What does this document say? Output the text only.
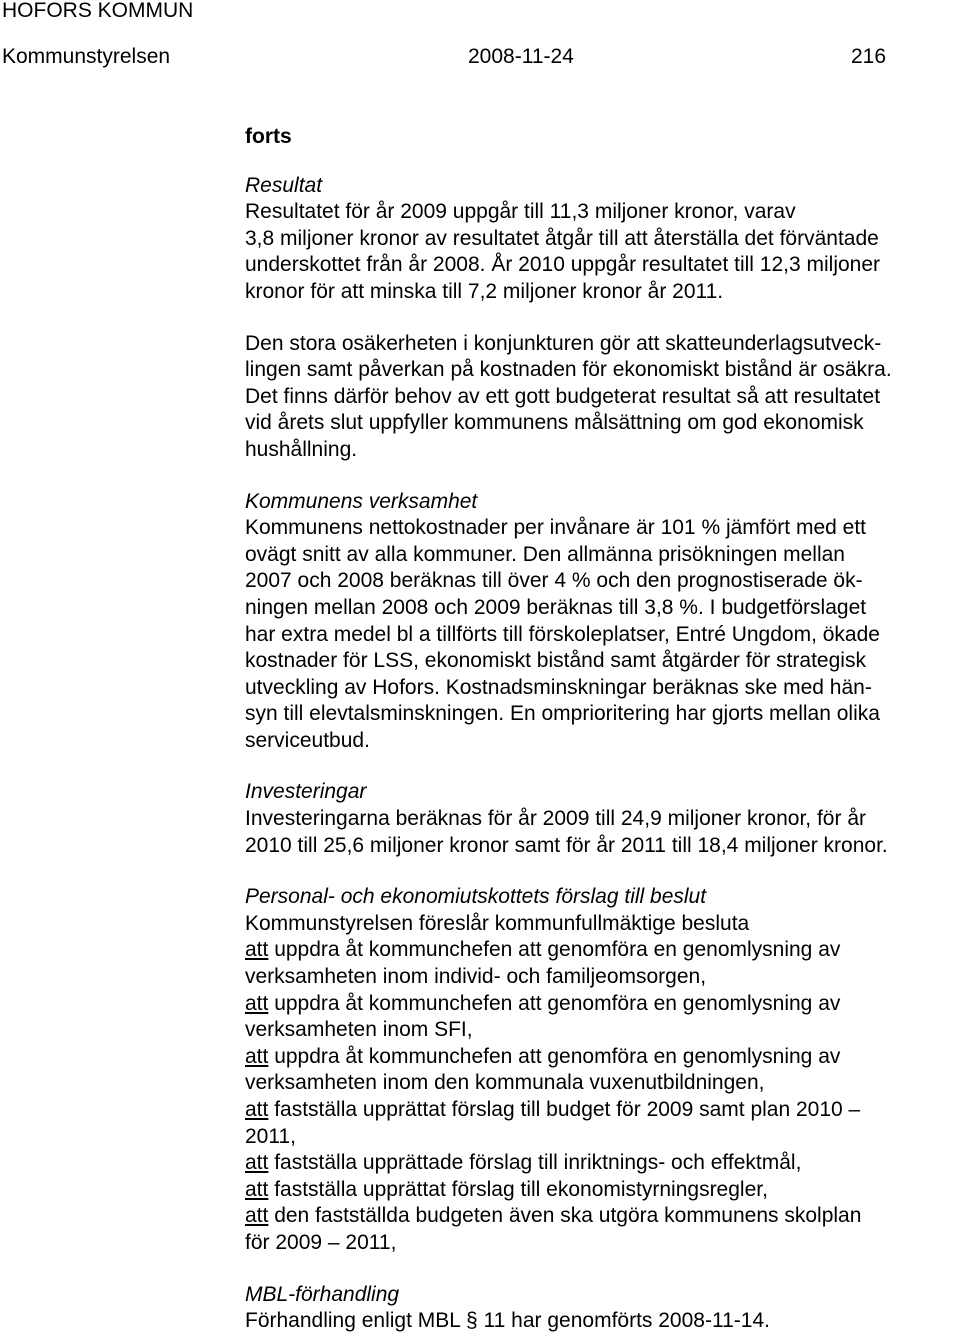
HOFORS KOMMUN
Kommunstyrelsen	2008-11-24	216

forts

Resultat

Resultatet för år 2009 uppgår till 11,3 miljoner kronor, varav

3,8 miljoner kronor av resultatet åtgår till att återställa det förväntade

underskottet från år 2008. År 2010 uppgår resultatet till 12,3 miljoner

kronor för att minska till 7,2 miljoner kronor år 2011.

Den stora osäkerheten i konjunkturen gör att skatteunderlagsutveck-

lingen samt påverkan på kostnaden för ekonomiskt bistånd är osäkra.

Det finns därför behov av ett gott budgeterat resultat så att resultatet

vid årets slut uppfyller kommunens målsättning om god ekonomisk

hushållning.

Kommunens verksamhet

Kommunens nettokostnader per invånare är 101 % jämfört med ett

ovägt snitt av alla kommuner. Den allmänna prisökningen mellan

2007 och 2008 beräknas till över 4 % och den prognostiserade ök-

ningen mellan 2008 och 2009 beräknas till 3,8 %. I budgetförslaget

har extra medel bl a tillförts till förskoleplatser, Entré Ungdom, ökade

kostnader för LSS, ekonomiskt bistånd samt åtgärder för strategisk

utveckling av Hofors. Kostnadsminskningar beräknas ske med hän-

syn till elevtalsminskningen. En omprioritering har gjorts mellan olika

serviceutbud.

Investeringar

Investeringarna beräknas för år 2009 till 24,9 miljoner kronor, för år

2010 till 25,6 miljoner kronor samt för år 2011 till 18,4 miljoner kronor.

Personal- och ekonomiutskottets förslag till beslut

Kommunstyrelsen föreslår kommunfullmäktige besluta

att uppdra åt kommunchefen att genomföra en genomlysning av

verksamheten inom individ- och familjeomsorgen,

att uppdra åt kommunchefen att genomföra en genomlysning av

verksamheten inom SFI,

att uppdra åt kommunchefen att genomföra en genomlysning av

verksamheten inom den kommunala vuxenutbildningen,

att fastställa upprättat förslag till budget för 2009 samt plan 2010 –

2011,

att fastställa upprättade förslag till inriktnings- och effektmål,

att fastställa upprättat förslag till ekonomistyrningsregler,

att den fastställda budgeten även ska utgöra kommunens skolplan

för 2009 – 2011,

MBL-förhandling

Förhandling enligt MBL § 11 har genomförts 2008-11-14.
